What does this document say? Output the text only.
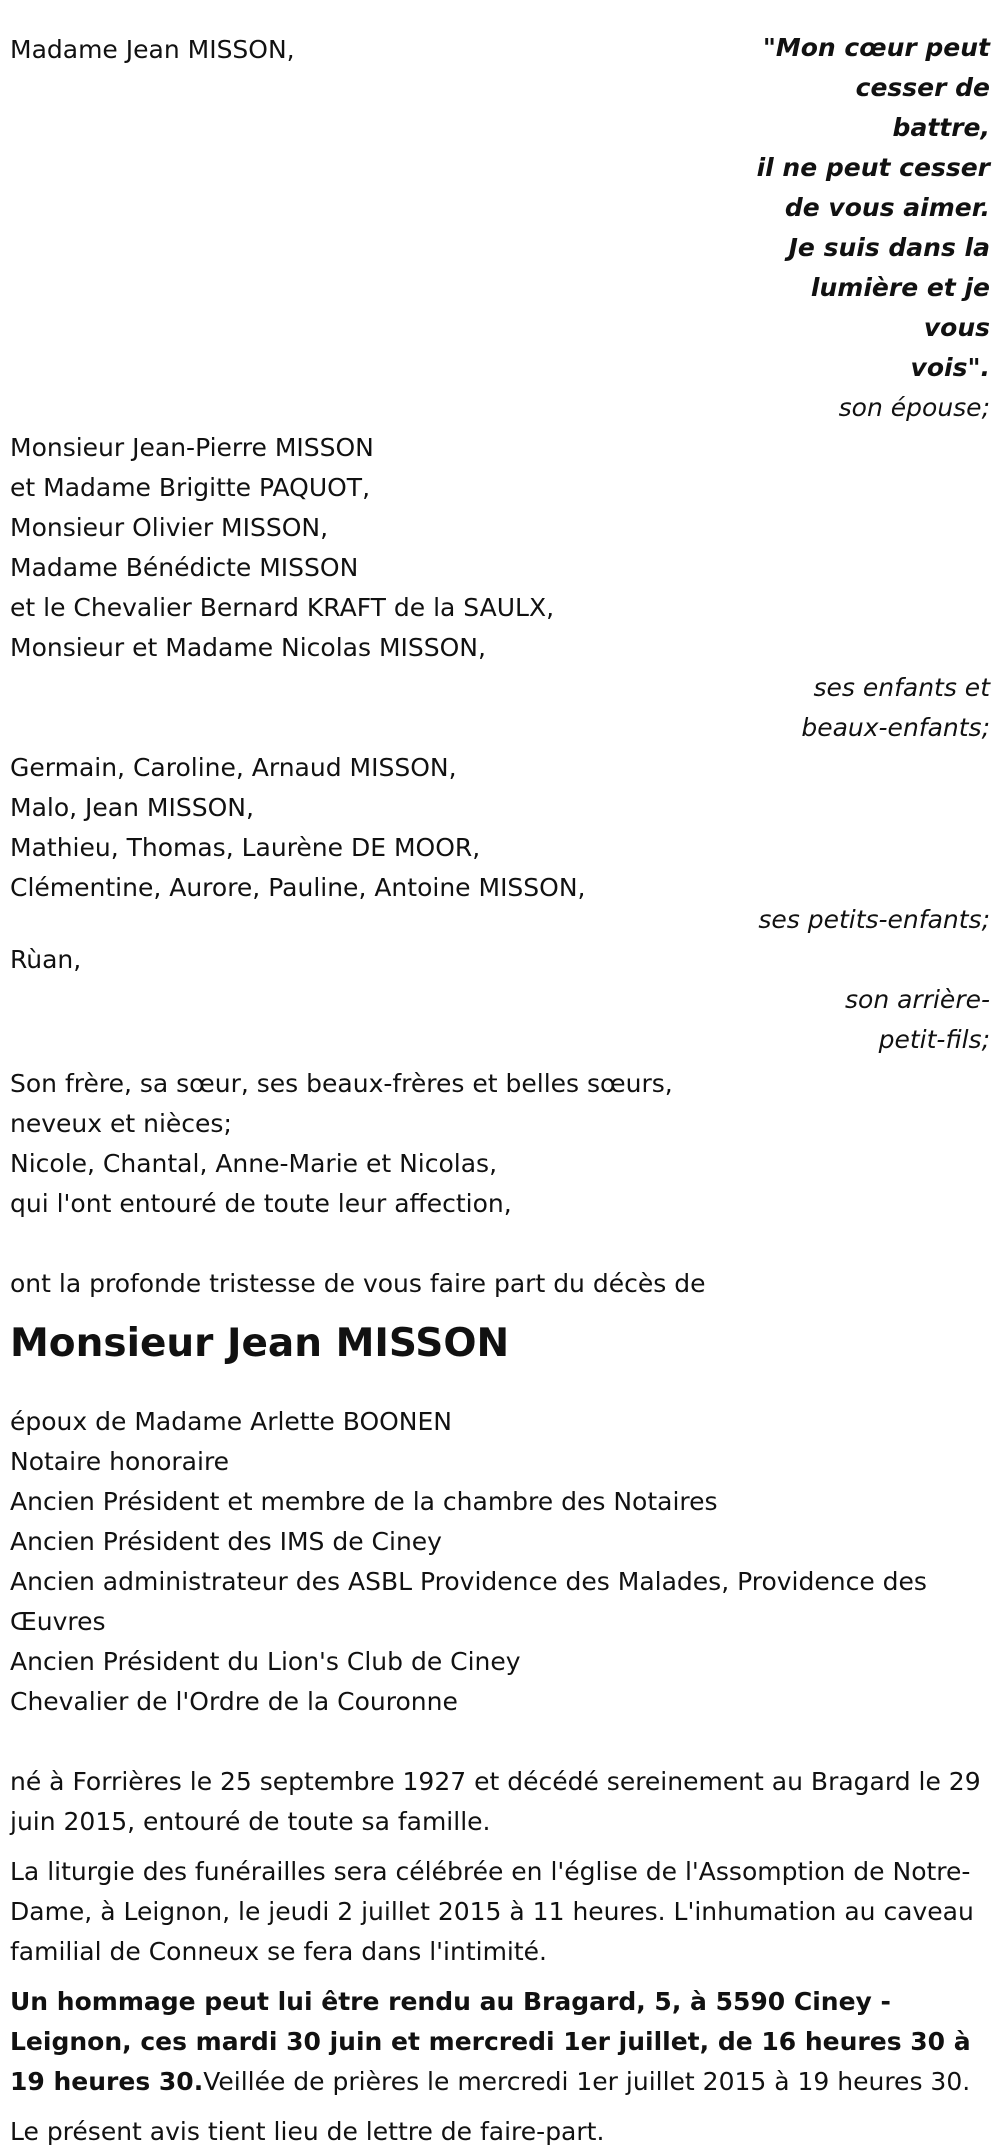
Madame Jean MISSON,	"Mon cœur peut
cesser de battre,
il ne peut cesser
de vous aimer.
Je suis dans la
lumière et je vous
vois".
son épouse;
Monsieur Jean-Pierre MISSON
et Madame Brigitte PAQUOT,
Monsieur Olivier MISSON,
Madame Bénédicte MISSON
et le Chevalier Bernard KRAFT de la SAULX,
Monsieur et Madame Nicolas MISSON,
ses enfants et
beaux-enfants;
Germain, Caroline, Arnaud MISSON,
Malo, Jean MISSON,
Mathieu, Thomas, Laurène DE MOOR,
Clémentine, Aurore, Pauline, Antoine MISSON,
ses petits-enfants;
Rùan,
son arrière-
petit-fils;
Son frère, sa sœur, ses beaux-frères et belles sœurs,
neveux et nièces;
Nicole, Chantal, Anne-Marie et Nicolas,
qui l'ont entouré de toute leur affection,
ont la profonde tristesse de vous faire part du décès de
Monsieur Jean MISSON
époux de Madame Arlette BOONEN
Notaire honoraire
Ancien Président et membre de la chambre des Notaires
Ancien Président des IMS de Ciney
Ancien administrateur des ASBL Providence des Malades, Providence des Œuvres
Ancien Président du Lion's Club de Ciney
Chevalier de l'Ordre de la Couronne
né à Forrières le 25 septembre 1927 et décédé sereinement au Bragard le 29 juin 2015, entouré de toute sa famille.
La liturgie des funérailles sera célébrée en l'église de l'Assomption de Notre-Dame, à Leignon, le jeudi 2 juillet 2015 à 11 heures. L'inhumation au caveau familial de Conneux se fera dans l'intimité.
Un hommage peut lui être rendu au Bragard, 5, à 5590 Ciney - Leignon, ces mardi 30 juin et mercredi 1er juillet, de 16 heures 30 à 19 heures 30.Veillée de prières le mercredi 1er juillet 2015 à 19 heures 30.
Le présent avis tient lieu de lettre de faire-part.
